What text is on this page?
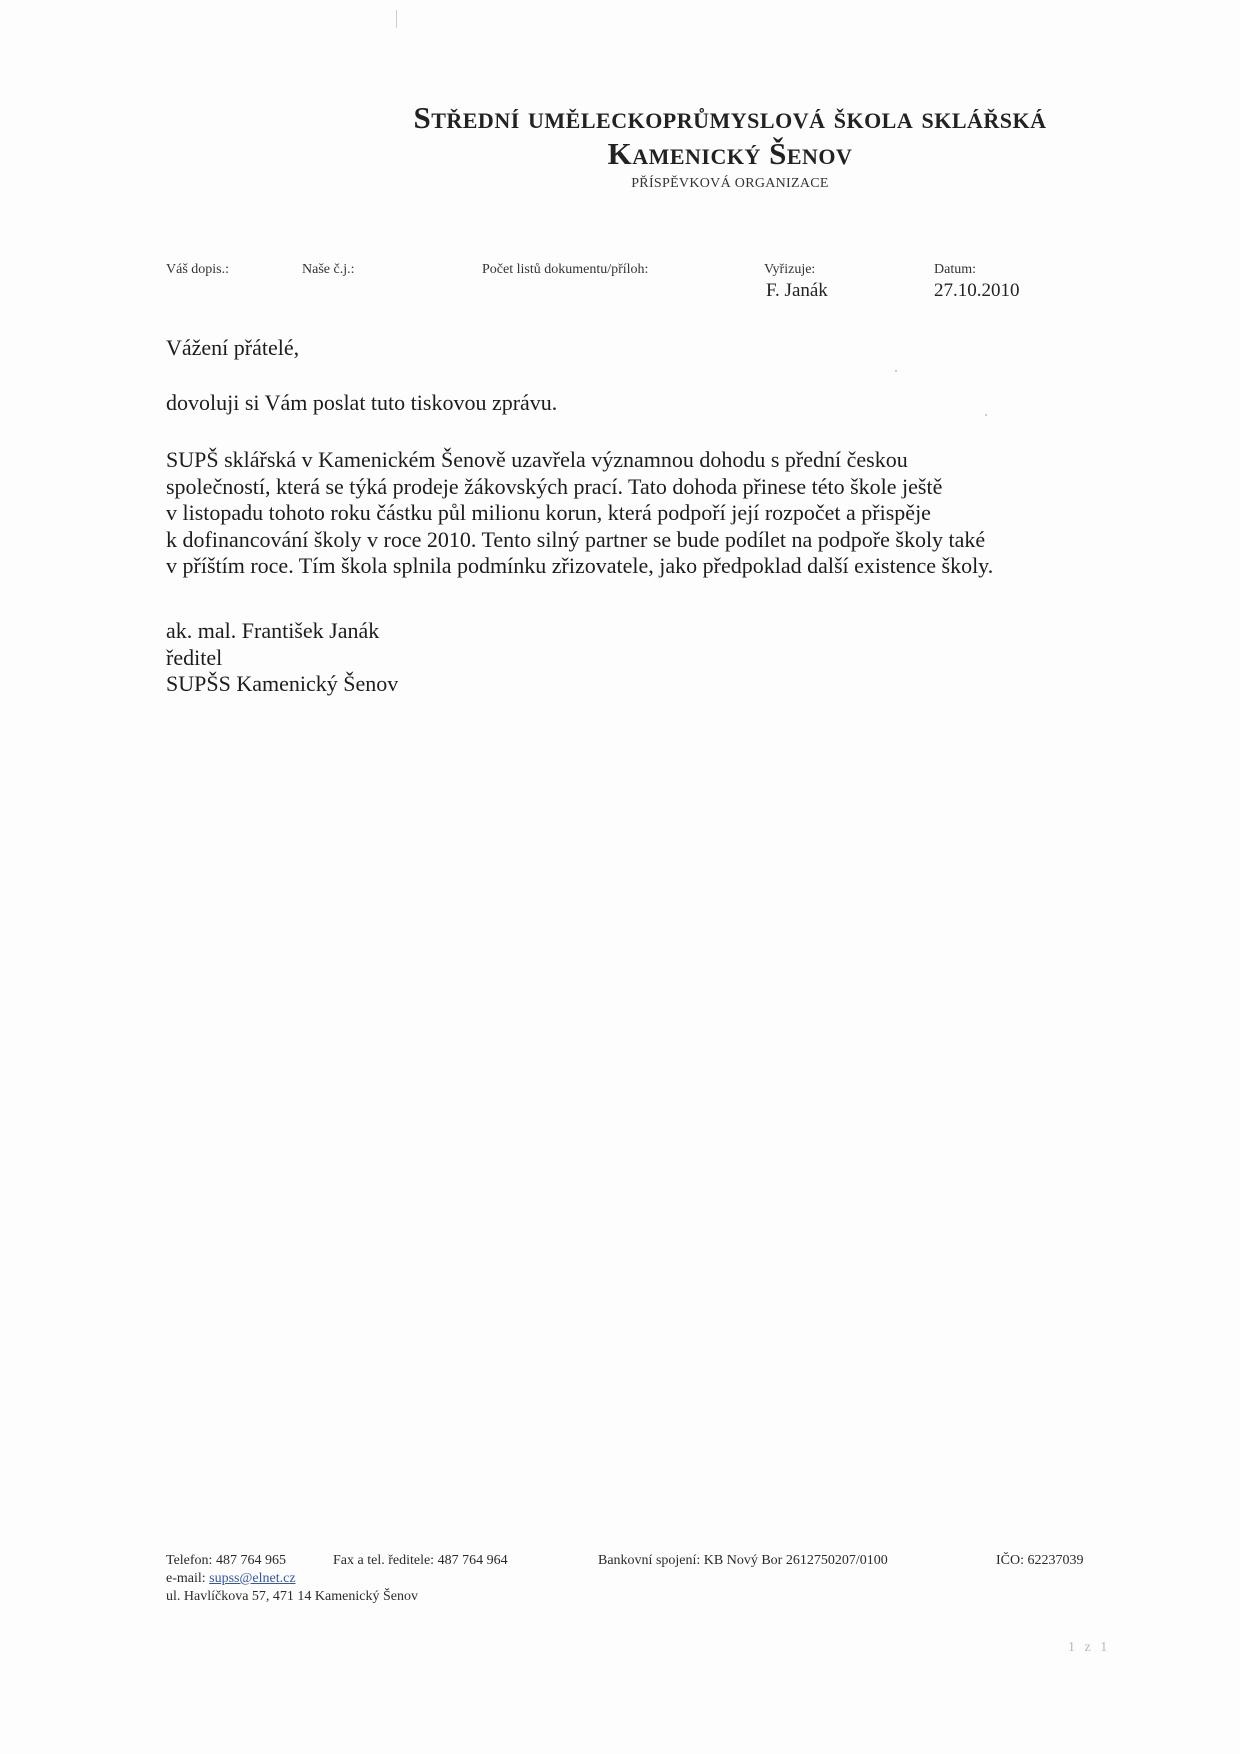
Střední uměleckoprůmyslová škola sklářská
Kamenický Šenov
PŘÍSPĚVKOVÁ ORGANIZACE
Váš dopis.:	Naše č.j.:	Počet listů dokumentu/příloh:	Vyřizuje:
F. Janák
Datum:
27.10.2010
Vážení přátelé,
dovoluji si Vám poslat tuto tiskovou zprávu.
SUPŠ sklářská v Kamenickém Šenově uzavřela významnou dohodu s přední českou
společností, která se týká prodeje žákovských prací. Tato dohoda přinese této škole ještě
v listopadu tohoto roku částku půl milionu korun, která podpoří její rozpočet a přispěje
k dofinancování školy v roce 2010. Tento silný partner se bude podílet na podpoře školy také
v příštím roce. Tím škola splnila podmínku zřizovatele, jako předpoklad další existence školy.
ak. mal. František Janák
ředitel
SUPŠS Kamenický Šenov
Telefon: 487 764 965	Fax a tel. ředitele: 487 764 964	Bankovní spojení: KB Nový Bor 2612750207/0100	IČO: 62237039
e-mail: supss@elnet.cz
ul. Havlíčkova 57, 471 14 Kamenický Šenov
1 z 1
